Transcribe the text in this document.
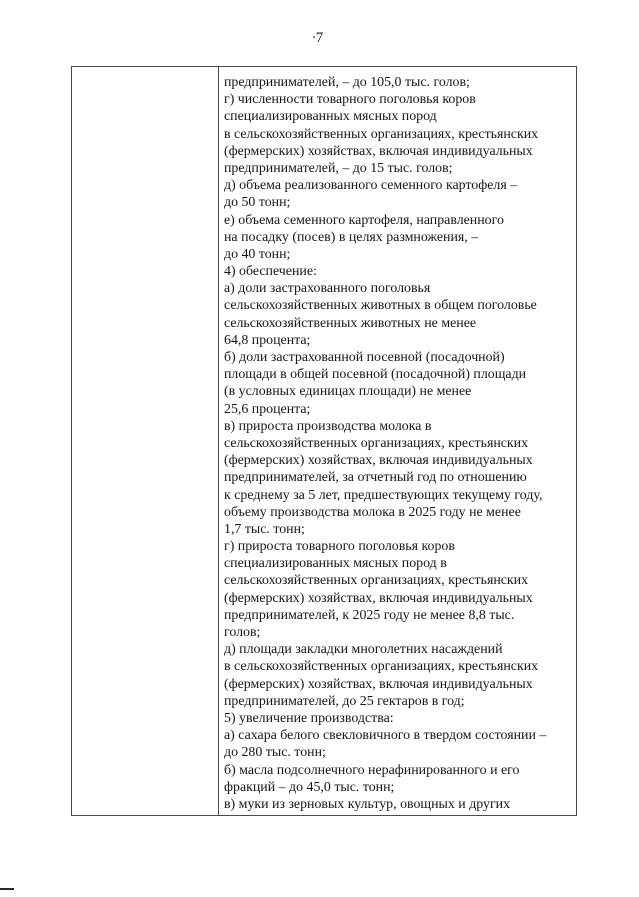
7
предпринимателей, – до 105,0 тыс. голов;
г) численности товарного поголовья коров
специализированных мясных пород
в сельскохозяйственных организациях, крестьянских
(фермерских) хозяйствах, включая индивидуальных
предпринимателей, – до 15 тыс. голов;
д) объема реализованного семенного картофеля –
до 50 тонн;
е) объема семенного картофеля, направленного
на посадку (посев) в целях размножения, –
до 40 тонн;
4) обеспечение:
а) доли застрахованного поголовья
сельскохозяйственных животных в общем поголовье
сельскохозяйственных животных не менее
64,8 процента;
б) доли застрахованной посевной (посадочной)
площади в общей посевной (посадочной) площади
(в условных единицах площади) не менее
25,6 процента;
в) прироста производства молока в
сельскохозяйственных организациях, крестьянских
(фермерских) хозяйствах, включая индивидуальных
предпринимателей, за отчетный год по отношению
к среднему за 5 лет, предшествующих текущему году,
объему производства молока в 2025 году не менее
1,7 тыс. тонн;
г) прироста товарного поголовья коров
специализированных мясных пород в
сельскохозяйственных организациях, крестьянских
(фермерских) хозяйствах, включая индивидуальных
предпринимателей, к 2025 году не менее 8,8 тыс.
голов;
д) площади закладки многолетних насаждений
в сельскохозяйственных организациях, крестьянских
(фермерских) хозяйствах, включая индивидуальных
предпринимателей, до 25 гектаров в год;
5) увеличение производства:
а) сахара белого свекловичного в твердом состоянии –
до 280 тыс. тонн;
б) масла подсолнечного нерафинированного и его
фракций – до 45,0 тыс. тонн;
в) муки из зерновых культур, овощных и других
